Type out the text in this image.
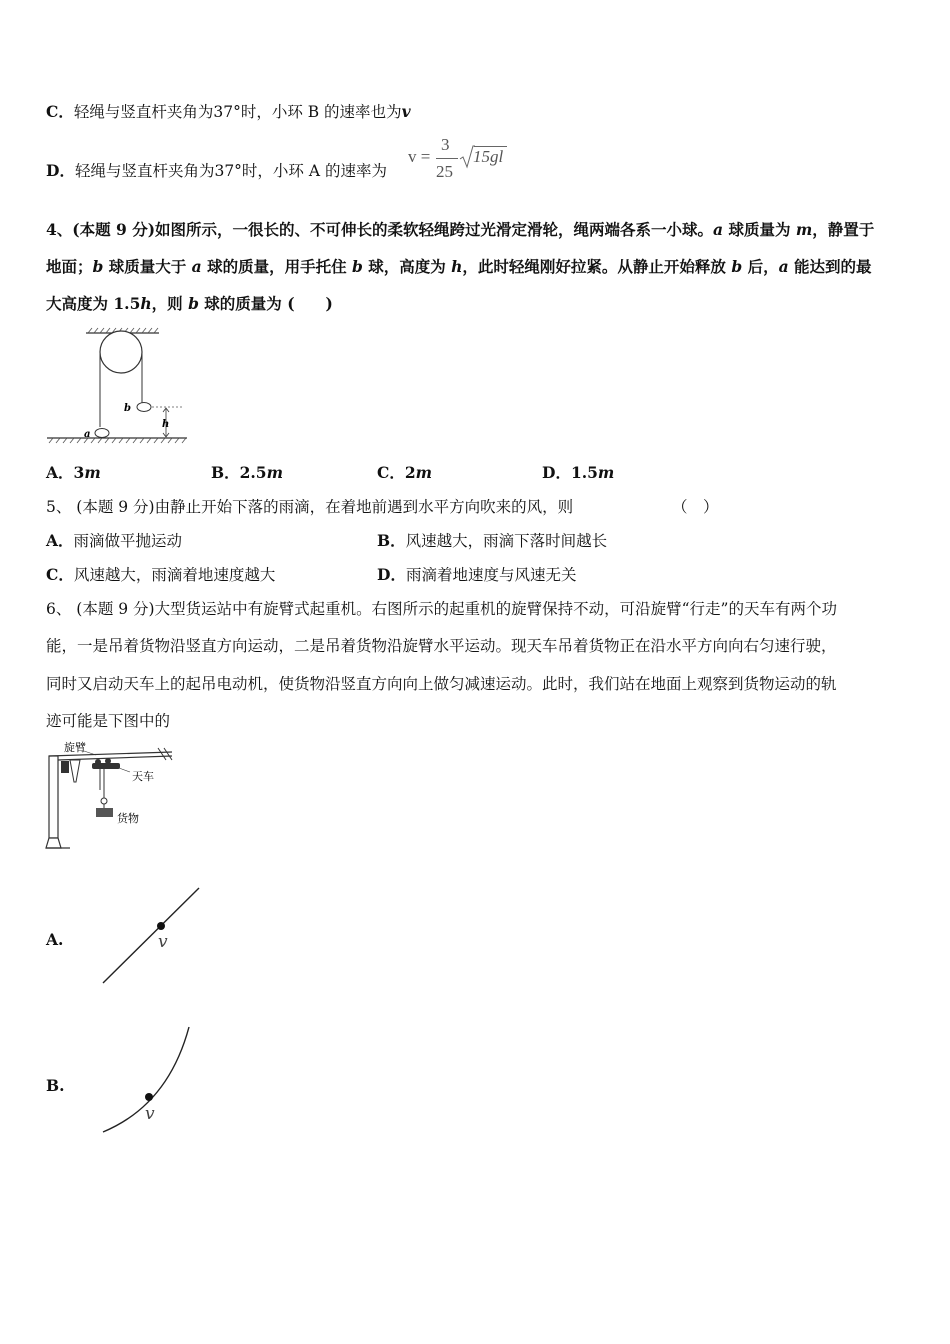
C．轻绳与竖直杆夹角为37°时，小环 B 的速率也为v
D．轻绳与竖直杆夹角为37°时，小环 A 的速率为
v =
3
25
15gl
4、(本题 9 分)如图所示，一很长的、不可伸长的柔软轻绳跨过光滑定滑轮，绳两端各系一小球。a 球质量为 m，静置于
地面；b 球质量大于 a 球的质量，用手托住 b 球，高度为 h，此时轻绳刚好拉紧。从静止开始释放 b 后，a 能达到的最
大高度为 1.5h，则 b 球的质量为 (　　)
b
h
a
A．3m	B．2.5m	C．2m	D．1.5m
5、 (本题 9 分)由静止开始下落的雨滴，在着地前遇到水平方向吹来的风，则	（　）
A．雨滴做平抛运动	B．风速越大，雨滴下落时间越长
C．风速越大，雨滴着地速度越大	D．雨滴着地速度与风速无关
6、 (本题 9 分)大型货运站中有旋臂式起重机。右图所示的起重机的旋臂保持不动，可沿旋臂“行走”的天车有两个功
能，一是吊着货物沿竖直方向运动，二是吊着货物沿旋臂水平运动。现天车吊着货物正在沿水平方向向右匀速行驶，
同时又启动天车上的起吊电动机，使货物沿竖直方向向上做匀减速运动。此时，我们站在地面上观察到货物运动的轨
迹可能是下图中的
旋臂
天车
货物
A.	v
B.
v
